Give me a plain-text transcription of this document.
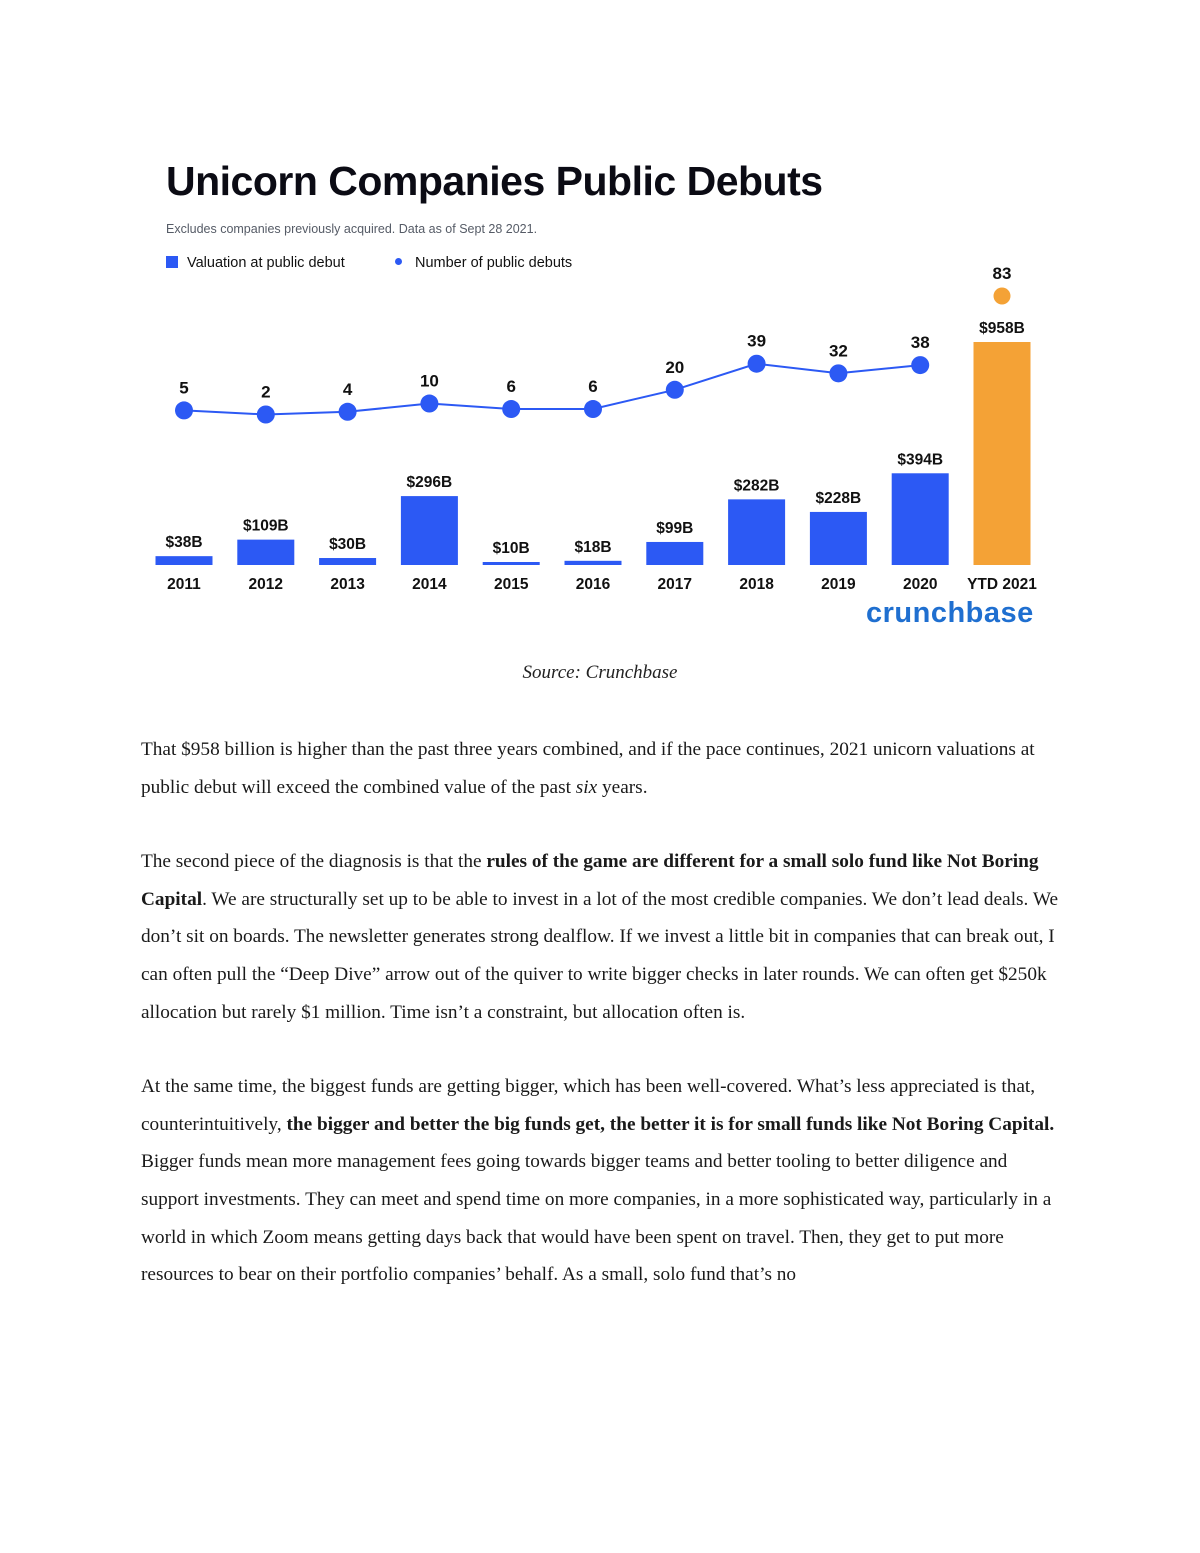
Unicorn Companies Public Debuts
Excludes companies previously acquired. Data as of Sept 28 2021.
Valuation at public debut	Number of public debuts
$38B
$109B
$30B
$296B
$10B	$18B
$99B
$282B
$228B
$394B
$958B
2011	2012	2013	2014	2015	2016	2017	2018	2019	2020 YTD 2021
5	2	4	10	6	6
20
39
32	38
83
crunchbase
Source: Crunchbase

That $958 billion is higher than the past three years combined, and if the pace continues, 2021 unicorn valuations at public debut will exceed the combined value of the past six years.

The second piece of the diagnosis is that the rules of the game are different for a small solo fund like Not Boring Capital. We are structurally set up to be able to invest in a lot of the most credible companies. We don’t lead deals. We don’t sit on boards. The newsletter generates strong dealflow. If we invest a little bit in companies that can break out, I can often pull the “Deep Dive” arrow out of the quiver to write bigger checks in later rounds. We can often get $250k allocation but rarely $1 million. Time isn’t a constraint, but allocation often is.

At the same time, the biggest funds are getting bigger, which has been well-covered. What’s less appreciated is that, counterintuitively, the bigger and better the big funds get, the better it is for small funds like Not Boring Capital. Bigger funds mean more management fees going towards bigger teams and better tooling to better diligence and support investments. They can meet and spend time on more companies, in a more sophisticated way, particularly in a world in which Zoom means getting days back that would have been spent on travel. Then, they get to put more resources to bear on their portfolio companies’ behalf. As a small, solo fund that’s no
